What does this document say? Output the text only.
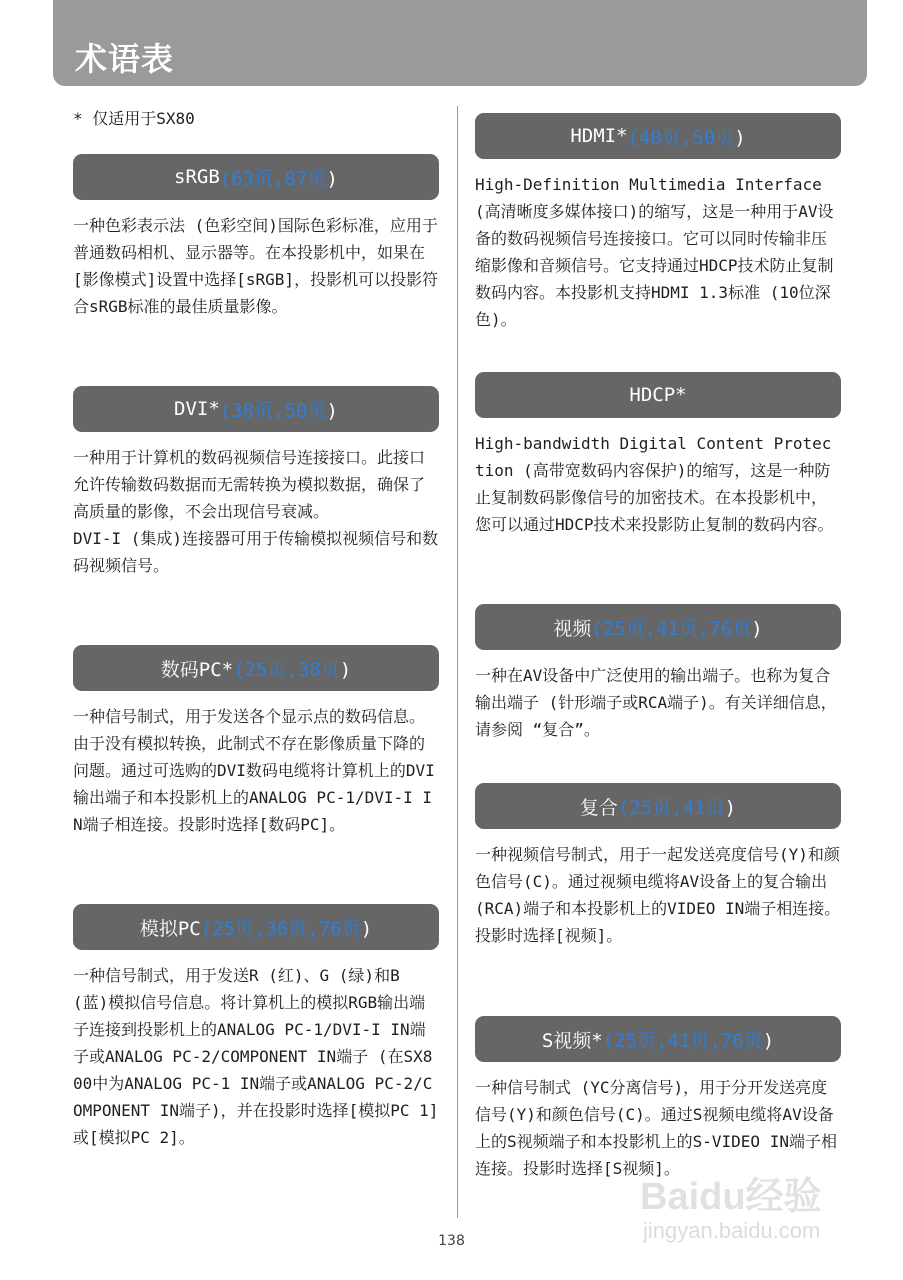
术语表
* 仅适用于SX80
sRGB (63页,87页)

一种色彩表示法 (色彩空间)国际色彩标准，应用于普通数码相机、显示器等。在本投影机中，如果在[影像模式]设置中选择[sRGB]，投影机可以投影符合sRGB标准的最佳质量影像。

DVI* (38页,50页)

一种用于计算机的数码视频信号连接接口。此接口允许传输数码数据而无需转换为模拟数据，确保了高质量的影像，不会出现信号衰减。
DVI-I (集成)连接器可用于传输模拟视频信号和数码视频信号。

数码PC* (25页,38页)

一种信号制式，用于发送各个显示点的数码信息。由于没有模拟转换，此制式不存在影像质量下降的问题。通过可选购的DVI数码电缆将计算机上的DVI输出端子和本投影机上的ANALOG PC-1/DVI-I IN端子相连接。投影时选择[数码PC]。

模拟PC (25页,36页,76页)

一种信号制式，用于发送R (红)、G (绿)和B (蓝)模拟信号信息。将计算机上的模拟RGB输出端子连接到投影机上的ANALOG PC-1/DVI-I IN端子或ANALOG PC-2/COMPONENT IN端子 (在SX800中为ANALOG PC-1 IN端子或ANALOG PC-2/COMPONENT IN端子)，并在投影时选择[模拟PC 1]或[模拟PC 2]。

HDMI* (40页,50页)

High-Definition Multimedia Interface (高清晰度多媒体接口)的缩写，这是一种用于AV设备的数码视频信号连接接口。它可以同时传输非压缩影像和音频信号。它支持通过HDCP技术防止复制数码内容。本投影机支持HDMI 1.3标准 (10位深色)。

HDCP*

High-bandwidth Digital Content Protection (高带宽数码内容保护)的缩写，这是一种防止复制数码影像信号的加密技术。在本投影机中，您可以通过HDCP技术来投影防止复制的数码内容。

视频 (25页,41页,76页)

一种在AV设备中广泛使用的输出端子。也称为复合输出端子 (针形端子或RCA端子)。有关详细信息，请参阅 “复合”。

复合 (25页,41页)

一种视频信号制式，用于一起发送亮度信号(Y)和颜色信号(C)。通过视频电缆将AV设备上的复合输出(RCA)端子和本投影机上的VIDEO IN端子相连接。投影时选择[视频]。

S视频* (25页,41页,76页)

一种信号制式 (YC分离信号)，用于分开发送亮度信号(Y)和颜色信号(C)。通过S视频电缆将AV设备上的S视频端子和本投影机上的S-VIDEO IN端子相连接。投影时选择[S视频]。

138
Baidu经验
jingyan.baidu.com
